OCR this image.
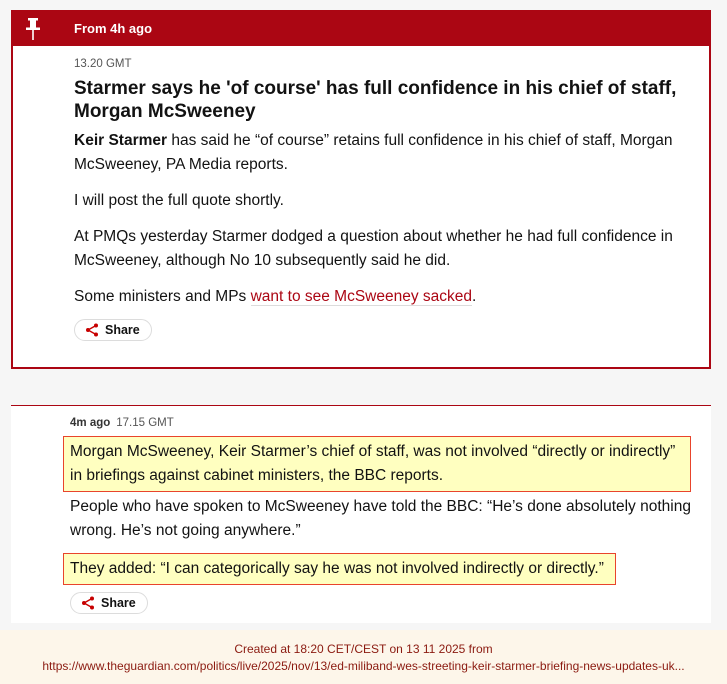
From 4h ago
13.20 GMT
Starmer says he 'of course' has full confidence in his chief of staff, Morgan McSweeney

Keir Starmer has said he “of course” retains full confidence in his chief of staff, Morgan McSweeney, PA Media reports.

I will post the full quote shortly.

At PMQs yesterday Starmer dodged a question about whether he had full confidence in McSweeney, although No 10 subsequently said he did.

Some ministers and MPs want to see McSweeney sacked.

Share
4m ago 17.15 GMT
Morgan McSweeney, Keir Starmer’s chief of staff, was not involved “directly or indirectly” in briefings against cabinet ministers, the BBC reports.
People who have spoken to McSweeney have told the BBC: “He’s done absolutely nothing wrong. He’s not going anywhere.”
They added: “I can categorically say he was not involved indirectly or directly.”
Share
Created at 18:20 CET/CEST on 13 11 2025 from
https://www.theguardian.com/politics/live/2025/nov/13/ed-miliband-wes-streeting-keir-starmer-briefing-news-updates-uk...
